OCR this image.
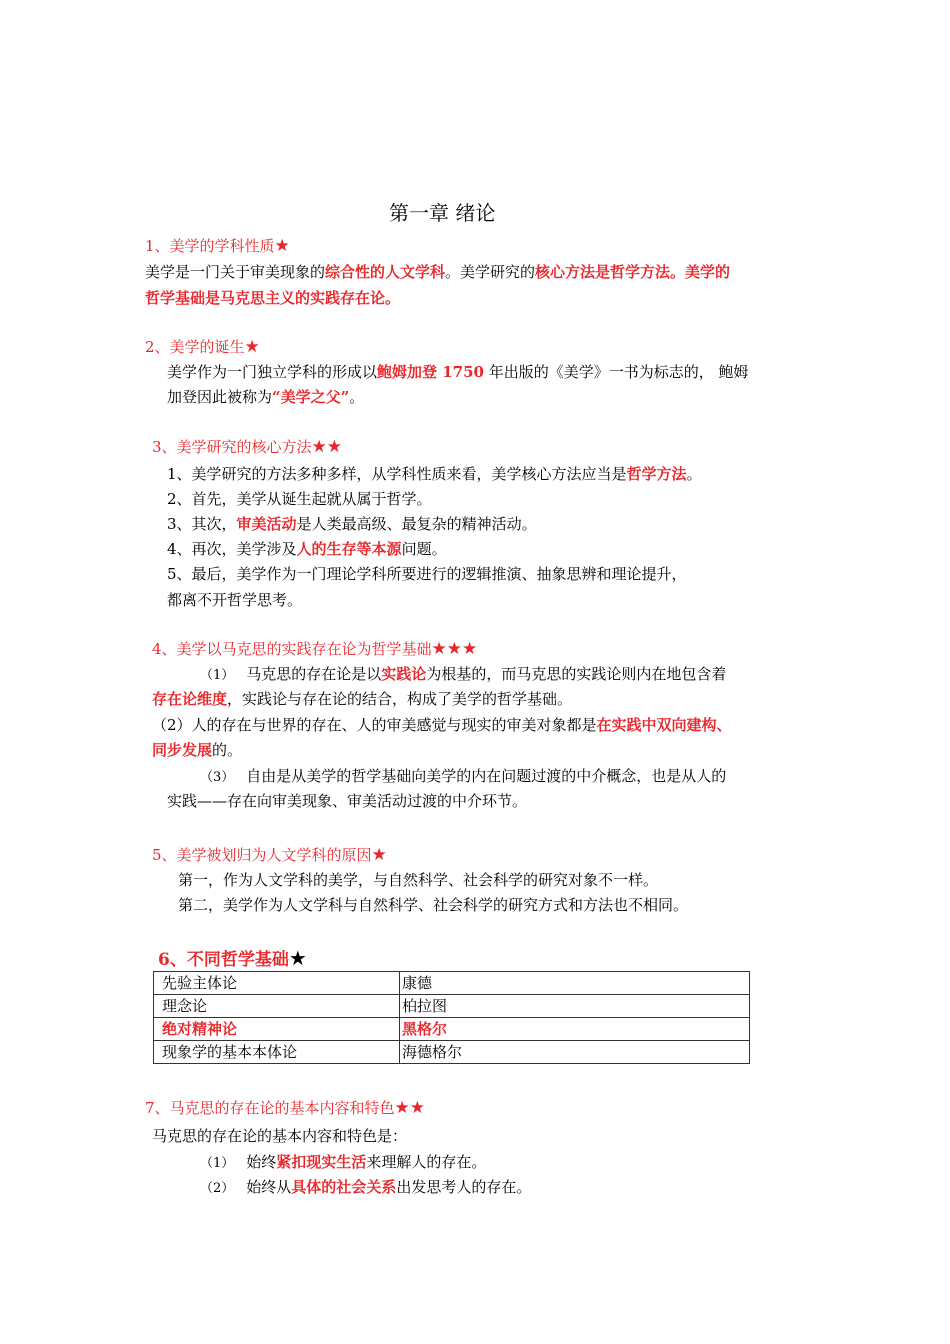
第一章 绪论
1、美学的学科性质★
美学是一门关于审美现象的综合性的人文学科。美学研究的核心方法是哲学方法。美学的
哲学基础是马克思主义的实践存在论。
2、美学的诞生★
美学作为一门独立学科的形成以鲍姆加登 1750 年出版的《美学》一书为标志的， 鲍姆
加登因此被称为“美学之父”。
3、美学研究的核心方法★★
1、美学研究的方法多种多样，从学科性质来看，美学核心方法应当是哲学方法。
2、首先，美学从诞生起就从属于哲学。
3、其次，审美活动是人类最高级、最复杂的精神活动。
4、再次，美学涉及人的生存等本源问题。
5、最后，美学作为一门理论学科所要进行的逻辑推演、抽象思辨和理论提升，
都离不开哲学思考。
4、美学以马克思的实践存在论为哲学基础★★★
（1） 马克思的存在论是以实践论为根基的，而马克思的实践论则内在地包含着
存在论维度，实践论与存在论的结合，构成了美学的哲学基础。
（2）人的存在与世界的存在、人的审美感觉与现实的审美对象都是在实践中双向建构、
同步发展的。
（3） 自由是从美学的哲学基础向美学的内在问题过渡的中介概念，也是从人的
实践——存在向审美现象、审美活动过渡的中介环节。
5、美学被划归为人文学科的原因★
第一，作为人文学科的美学，与自然科学、社会科学的研究对象不一样。
第二，美学作为人文学科与自然科学、社会科学的研究方式和方法也不相同。
6、不同哲学基础★
先验主体论	康德
理念论	柏拉图
绝对精神论	黑格尔
现象学的基本本体论	海德格尔
7、马克思的存在论的基本内容和特色★★
马克思的存在论的基本内容和特色是：
（1） 始终紧扣现实生活来理解人的存在。
（2） 始终从具体的社会关系出发思考人的存在。
